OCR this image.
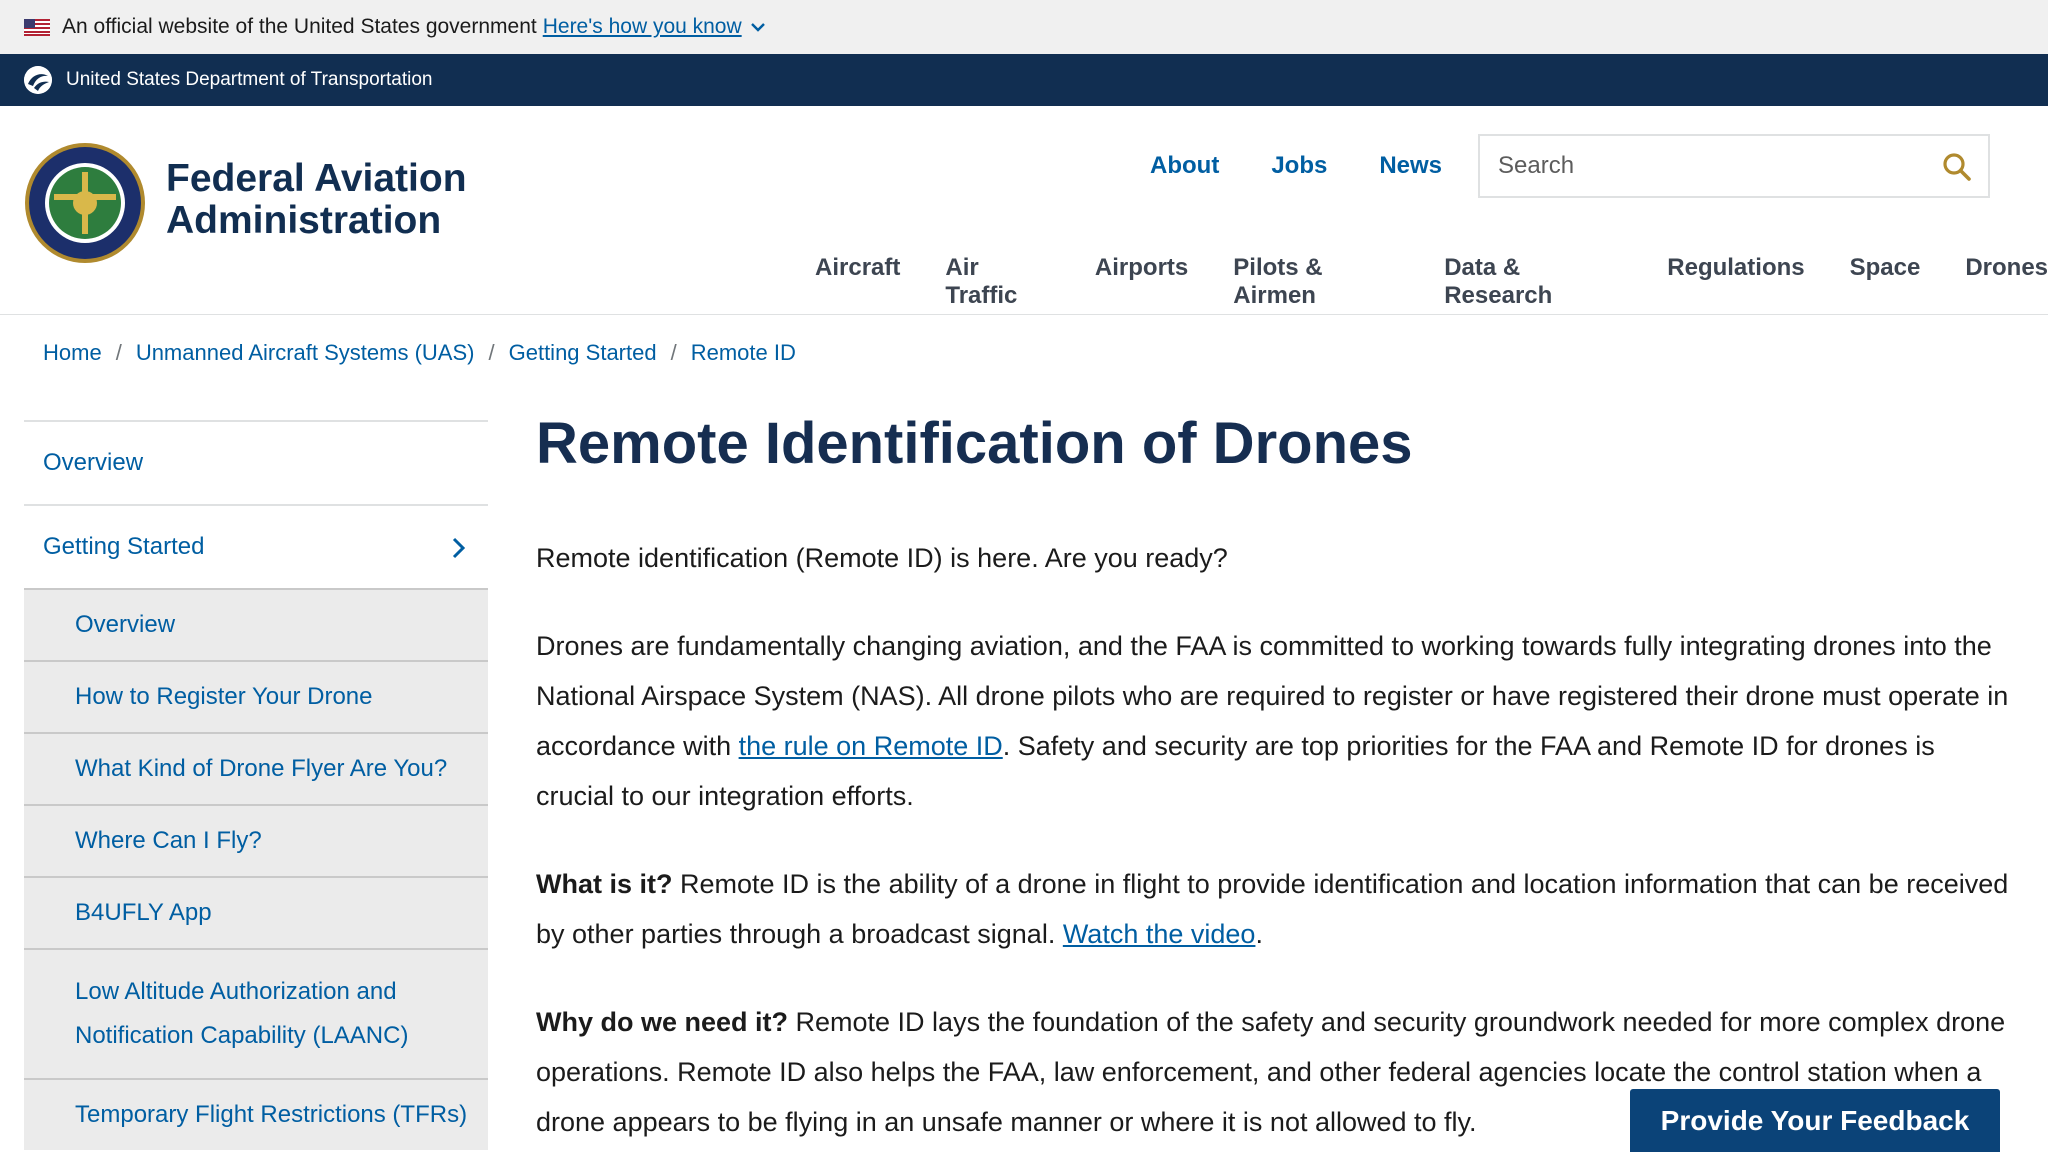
An official website of the United States government Here's how you know
United States Department of Transportation
Federal Aviation
Administration
About Jobs News
Search
Aircraft Air Traffic
Airports Pilots & Airmen
Data & Research
Regulations Space Drones
Home / Unmanned Aircraft Systems (UAS) / Getting Started / Remote ID
Overview
Getting Started
Overview
How to Register Your Drone
What Kind of Drone Flyer Are You?
Where Can I Fly?
B4UFLY App
Low Altitude Authorization and Notification Capability (LAANC)
Temporary Flight Restrictions (TFRs)
Remote Identification of Drones

Remote identification (Remote ID) is here. Are you ready?

Drones are fundamentally changing aviation, and the FAA is committed to working towards fully integrating drones into the National Airspace System (NAS). All drone pilots who are required to register or have registered their drone must operate in accordance with the rule on Remote ID. Safety and security are top priorities for the FAA and Remote ID for drones is crucial to our integration efforts.

What is it? Remote ID is the ability of a drone in flight to provide identification and location information that can be received by other parties through a broadcast signal. Watch the video.

Why do we need it? Remote ID lays the foundation of the safety and security groundwork needed for more complex drone operations. Remote ID also helps the FAA, law enforcement, and other federal agencies locate the control station when a drone appears to be flying in an unsafe manner or where it is not allowed to fly.	Provide Your Feedback
